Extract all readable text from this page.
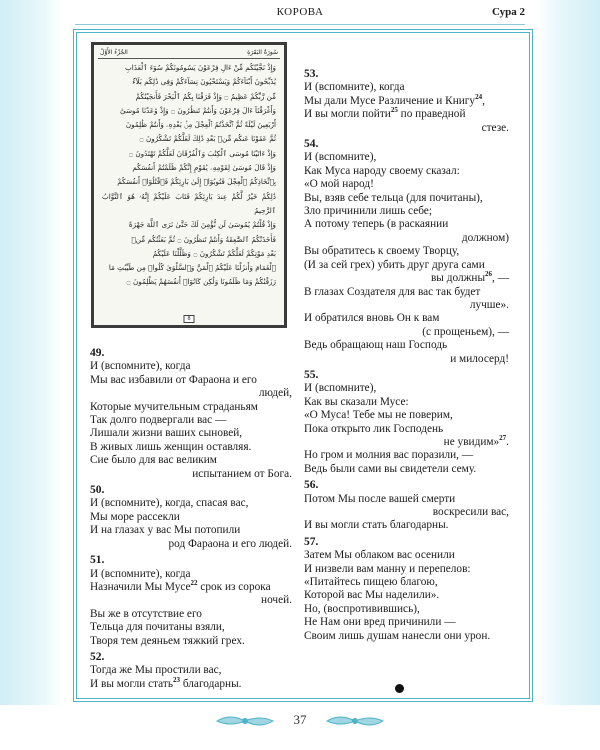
КОРОВА	Сура 2
الجُزْءُ الأَوَّلُ	سُورَةُ البَقَرَةِ
وَإِذْ نَجَّيْنَٰكُم مِّنْ ءَالِ فِرْعَوْنَ يَسُومُونَكُمْ سُوٓءَ ٱلْعَذَابِ
يُذَبِّحُونَ أَبْنَآءَكُمْ وَيَسْتَحْيُونَ نِسَآءَكُمْ وَفِى ذَٰلِكُم بَلَآءٌ
مِّن رَّبِّكُمْ عَظِيمٌ ۝ وَإِذْ فَرَقْنَا بِكُمُ ٱلْبَحْرَ فَأَنجَيْنَٰكُمْ
وَأَغْرَقْنَآ ءَالَ فِرْعَوْنَ وَأَنتُمْ تَنظُرُونَ ۝ وَإِذْ وَٰعَدْنَا مُوسَىٰٓ
أَرْبَعِينَ لَيْلَةً ثُمَّ ٱتَّخَذْتُمُ ٱلْعِجْلَ مِنۢ بَعْدِهِۦ وَأَنتُمْ ظَٰلِمُونَ
ثُمَّ عَفَوْنَا عَنكُم مِّنۢ بَعْدِ ذَٰلِكَ لَعَلَّكُمْ تَشْكُرُونَ ۝
وَإِذْ ءَاتَيْنَا مُوسَى ٱلْكِتَٰبَ وَٱلْفُرْقَانَ لَعَلَّكُمْ تَهْتَدُونَ ۝
وَإِذْ قَالَ مُوسَىٰ لِقَوْمِهِۦ يَٰقَوْمِ إِنَّكُمْ ظَلَمْتُمْ أَنفُسَكُم
بِٱتِّخَاذِكُمُ ٱلْعِجْلَ فَتُوبُوٓا۟ إِلَىٰ بَارِئِكُمْ فَٱقْتُلُوٓا۟ أَنفُسَكُمْ
ذَٰلِكُمْ خَيْرٌ لَّكُمْ عِندَ بَارِئِكُمْ فَتَابَ عَلَيْكُمْ إِنَّهُۥ هُوَ ٱلتَّوَّابُ ٱلرَّحِيمُ
وَإِذْ قُلْتُمْ يَٰمُوسَىٰ لَن نُّؤْمِنَ لَكَ حَتَّىٰ نَرَى ٱللَّهَ جَهْرَةً
فَأَخَذَتْكُمُ ٱلصَّٰعِقَةُ وَأَنتُمْ تَنظُرُونَ ۝ ثُمَّ بَعَثْنَٰكُم مِّنۢ
بَعْدِ مَوْتِكُمْ لَعَلَّكُمْ تَشْكُرُونَ ۝ وَظَلَّلْنَا عَلَيْكُمُ
ٱلْغَمَامَ وَأَنزَلْنَا عَلَيْكُمُ ٱلْمَنَّ وَٱلسَّلْوَىٰ كُلُوا۟ مِن طَيِّبَٰتِ مَا
رَزَقْنَٰكُمْ وَمَا ظَلَمُونَا وَلَٰكِن كَانُوٓا۟ أَنفُسَهُمْ يَظْلِمُونَ ۝
8
49.
И (вспомните), когда
Мы вас избавили от Фараона и его
людей,
Которые мучительным страданьям
Так долго подвергали вас —
Лишали жизни ваших сыновей,
В живых лишь женщин оставляя.
Сие было для вас великим
испытанием от Бога.
50.
И (вспомните), когда, спасая вас,
Мы море рассекли
И на глазах у вас Мы потопили
род Фараона и его людей.
51.
И (вспомните), когда
Назначили Мы Мусе$^{22}$ срок из сорока
ночей.
Вы же в отсутствие его
Тельца для почитаны взяли,
Творя тем деяньем тяжкий грех.
52.
Тогда же Мы простили вас,
И вы могли стать$^{23}$ благодарны.
53.
И (вспомните), когда
Мы дали Мусе Различение и Книгу$^{24}$,
И вы могли пойти$^{25}$ по праведной
стезе.
54.
И (вспомните),
Как Муса народу своему сказал:
«О мой народ!
Вы, взяв себе тельца (для почитаны),
Зло причинили лишь себе;
А потому теперь (в раскаянии
должном)
Вы обратитесь к своему Творцу,
(И за сей грех) убить друг друга сами
вы должны$^{26}$, —
В глазах Создателя для вас так будет
лучше».
И обратился вновь Он к вам
(с прощеньем), —
Ведь обращающ наш Господь
и милосерд!
55.
И (вспомните),
Как вы сказали Мусе:
«О Муса! Тебе мы не поверим,
Пока открыто лик Господень
не увидим»$^{27}$.
Но гром и молния вас поразили, —
Ведь были сами вы свидетели сему.
56.
Потом Мы после вашей смерти
воскресили вас,
И вы могли стать благодарны.
57.
Затем Мы облаком вас осенили
И низвели вам манну и перепелов:
«Питайтесь пищею благою,
Которой вас Мы наделили».
Но, (воспротивившись),
Не Нам они вред причинили —
Своим лишь душам нанесли они урон.
37
